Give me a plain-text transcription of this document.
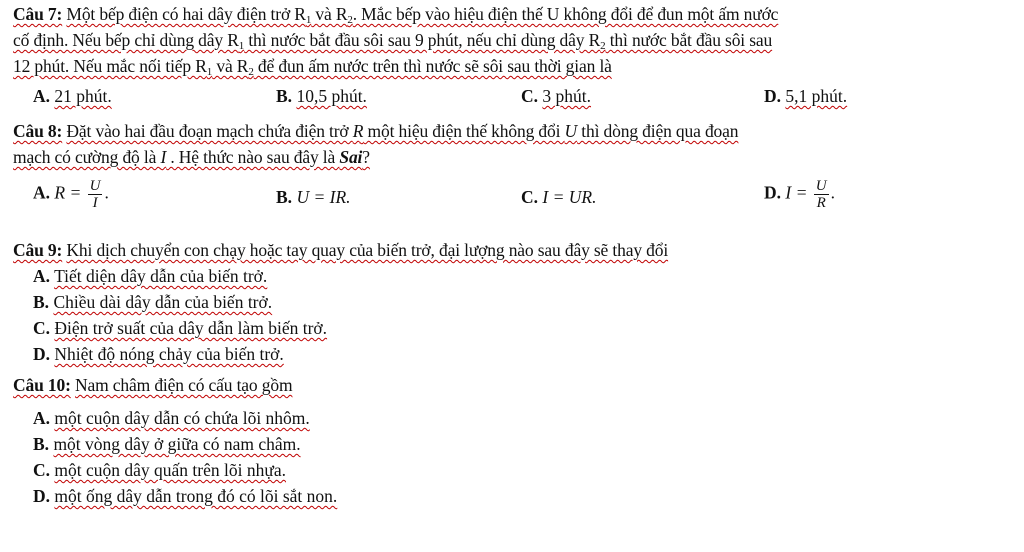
Câu 7: Một bếp điện có hai dây điện trở $R_1$ và $R_2$. Mắc bếp vào hiệu điện thế U không đổi để đun một ấm nước
cố định. Nếu bếp chỉ dùng dây $R_1$ thì nước bắt đầu sôi sau 9 phút, nếu chỉ dùng dây $R_2$ thì nước bắt đầu sôi sau
12 phút. Nếu mắc nối tiếp $R_1$ và $R_2$ để đun ấm nước trên thì nước sẽ sôi sau thời gian là
A. 21 phút.	B. 10,5 phút.	C. 3 phút.	D. 5,1 phút.
Câu 8: Đặt vào hai đầu đoạn mạch chứa điện trở R một hiệu điện thế không đổi U thì dòng điện qua đoạn
mạch có cường độ là I . Hệ thức nào sau đây là Sai?
A. $R = \frac{U}{I}$ .	B. U = IR.	C. I = UR.	D. $I = \frac{U}{R}$ .
Câu 9: Khi dịch chuyển con chạy hoặc tay quay của biến trở, đại lượng nào sau đây sẽ thay đổi
A. Tiết diện dây dẫn của biến trở.
B. Chiều dài dây dẫn của biến trở.
C. Điện trở suất của dây dẫn làm biến trở.
D. Nhiệt độ nóng chảy của biến trở.
Câu 10: Nam châm điện có cấu tạo gồm
A. một cuộn dây dẫn có chứa lõi nhôm.
B. một vòng dây ở giữa có nam châm.
C. một cuộn dây quấn trên lõi nhựa.
D. một ống dây dẫn trong đó có lõi sắt non.
